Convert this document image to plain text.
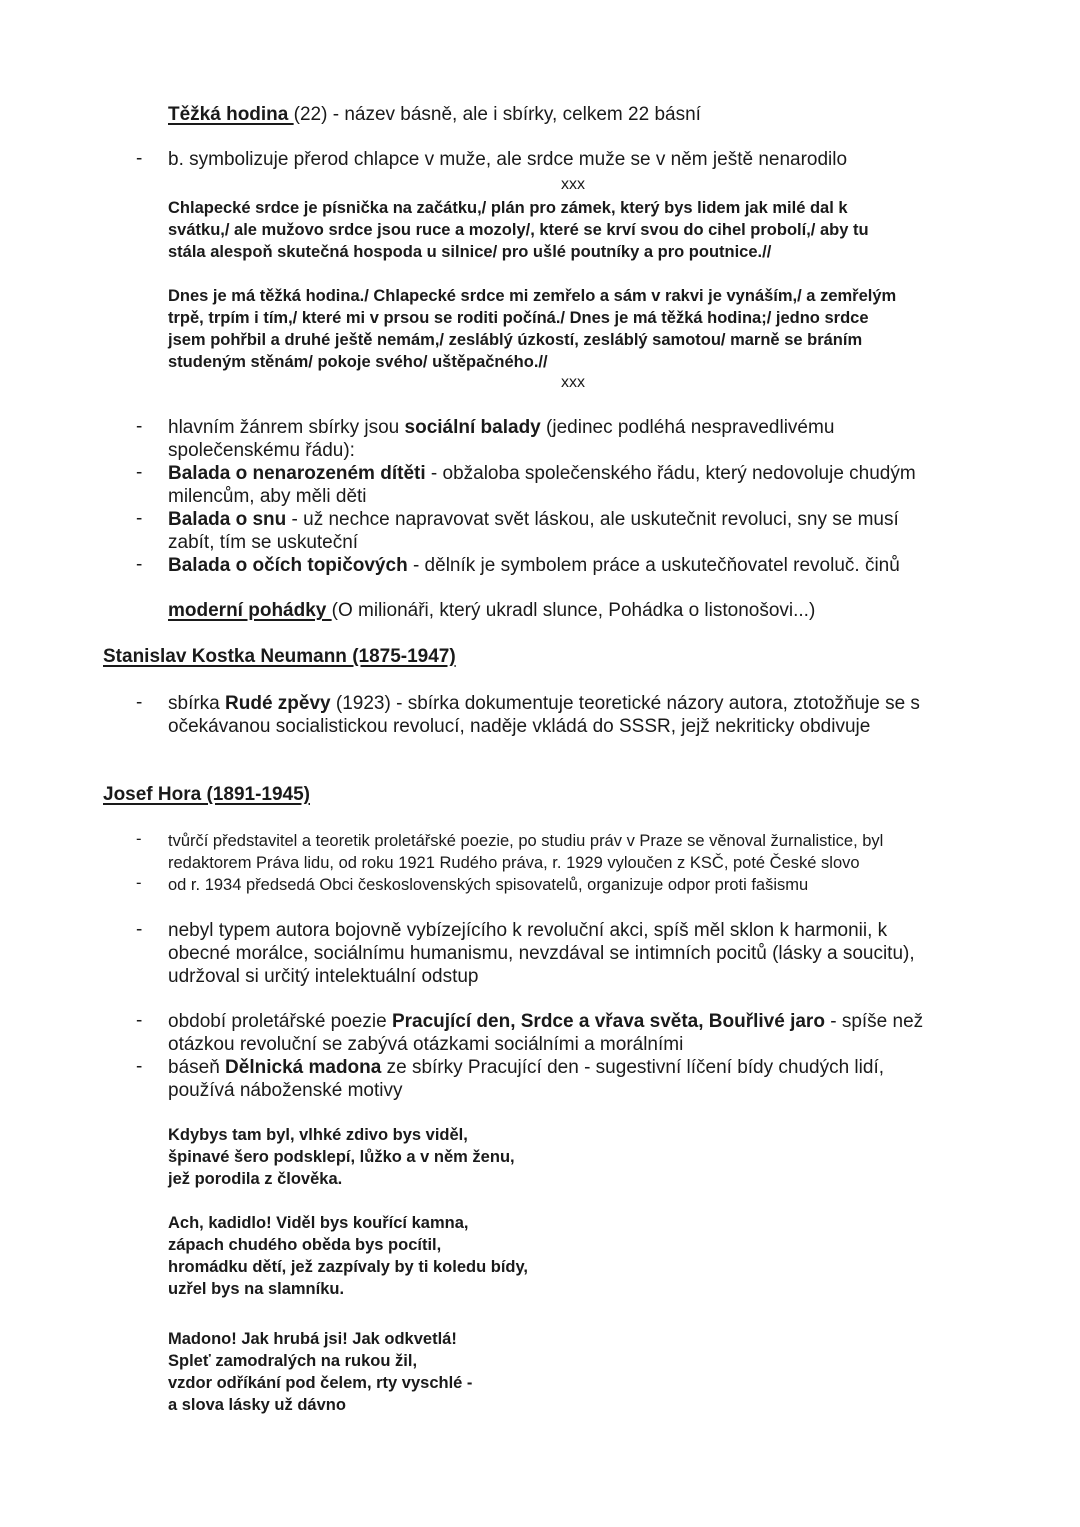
Těžká hodina (22) - název básně, ale i sbírky, celkem 22 básní
- b. symbolizuje přerod chlapce v muže, ale srdce muže se v něm ještě nenarodilo
xxx
Chlapecké srdce je písnička na začátku,/ plán pro zámek, který bys lidem jak milé dal k
svátku,/ ale mužovo srdce jsou ruce a mozoly/, které se krví svou do cihel probolí,/ aby tu
stála alespoň skutečná hospoda u silnice/ pro ušlé poutníky a pro poutnice.//
Dnes je má těžká hodina./ Chlapecké srdce mi zemřelo a sám v rakvi je vynáším,/ a zemřelým
trpě, trpím i tím,/ které mi v prsou se roditi počíná./ Dnes je má těžká hodina;/ jedno srdce
jsem pohřbil a druhé ještě nemám,/ zesláblý úzkostí, zesláblý samotou/ marně se bráním
studeným stěnám/ pokoje svého/ uštěpačného.//
xxx
- hlavním žánrem sbírky jsou sociální balady (jedinec podléhá nespravedlivému
společenskému řádu):
- Balada o nenarozeném dítěti - obžaloba společenského řádu, který nedovoluje chudým
milencům, aby měli děti
- Balada o snu - už nechce napravovat svět láskou, ale uskutečnit revoluci, sny se musí
zabít, tím se uskuteční
- Balada o očích topičových - dělník je symbolem práce a uskutečňovatel revoluč. činů
moderní pohádky (O milionáři, který ukradl slunce, Pohádka o listonošovi...)
Stanislav Kostka Neumann (1875-1947)
- sbírka Rudé zpěvy (1923) - sbírka dokumentuje teoretické názory autora, ztotožňuje se s
očekávanou socialistickou revolucí, naděje vkládá do SSSR, jejž nekriticky obdivuje
Josef Hora (1891-1945)
- tvůrčí představitel a teoretik proletářské poezie, po studiu práv v Praze se věnoval žurnalistice, byl
redaktorem Práva lidu, od roku 1921 Rudého práva, r. 1929 vyloučen z KSČ, poté České slovo
- od r. 1934 předsedá Obci československých spisovatelů, organizuje odpor proti fašismu
- nebyl typem autora bojovně vybízejícího k revoluční akci, spíš měl sklon k harmonii, k
obecné morálce, sociálnímu humanismu, nevzdával se intimních pocitů (lásky a soucitu),
udržoval si určitý intelektuální odstup
- období proletářské poezie Pracující den, Srdce a vřava světa, Bouřlivé jaro - spíše než
otázkou revoluční se zabývá otázkami sociálními a morálními
- báseň Dělnická madona ze sbírky Pracující den - sugestivní líčení bídy chudých lidí,
používá náboženské motivy
Kdybys tam byl, vlhké zdivo bys viděl,
špinavé šero podsklepí, lůžko a v něm ženu,
jež porodila z člověka.
Ach, kadidlo! Viděl bys kouřící kamna,
zápach chudého oběda bys pocítil,
hromádku dětí, jež zazpívaly by ti koledu bídy,
uzřel bys na slamníku.
Madono! Jak hrubá jsi! Jak odkvetlá!
Spleť zamodralých na rukou žil,
vzdor odříkání pod čelem, rty vyschlé -
a slova lásky už dávno
